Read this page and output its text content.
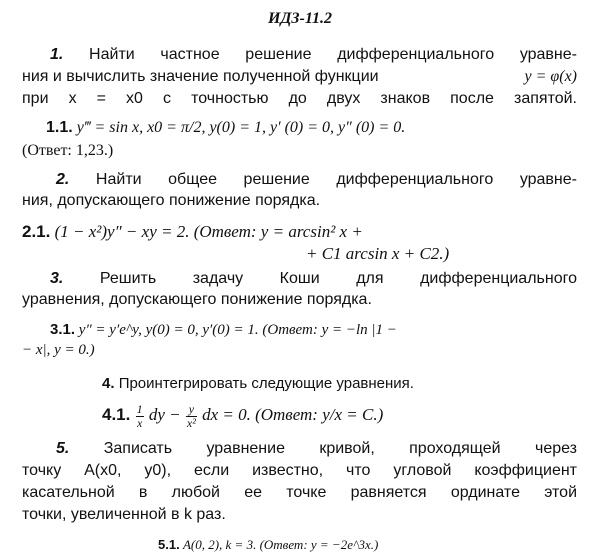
ИДЗ-11.2
1. Найти частное решение дифференциального уравне-
ния и вычислить значение полученной функции	y = φ(x)
при x = x0 с точностью до двух знаков после запятой.
1.1. y‴ = sin x, x0 = π/2, y(0) = 1, y′ (0) = 0, y″ (0) = 0.
(Ответ: 1,23.)
2. Найти общее решение дифференциального уравне-
ния, допускающего понижение порядка.
2.1. (1 − x²)y″ − xy = 2. (Ответ: y = arcsin² x +
+ C1 arcsin x + C2.)
3. Решить задачу Коши для дифференциального
уравнения, допускающего понижение порядка.
3.1. y″ = y′e^y, y(0) = 0, y′(0) = 1. (Ответ: y = −ln |1 −
− x|, y = 0.)
4. Проинтегрировать следующие уравнения.
4.1. $\frac{1}{x}$ dy − $\frac{y}{\text{x²}}$ dx = 0. (Ответ: y/x = C.)
5. Записать уравнение кривой, проходящей через
точку A(x0, y0), если известно, что угловой коэффициент
касательной в любой ее точке равняется ординате этой
точки, увеличенной в k раз.
5.1. A(0, 2), k = 3. (Ответ: y = −2e^3x.)
